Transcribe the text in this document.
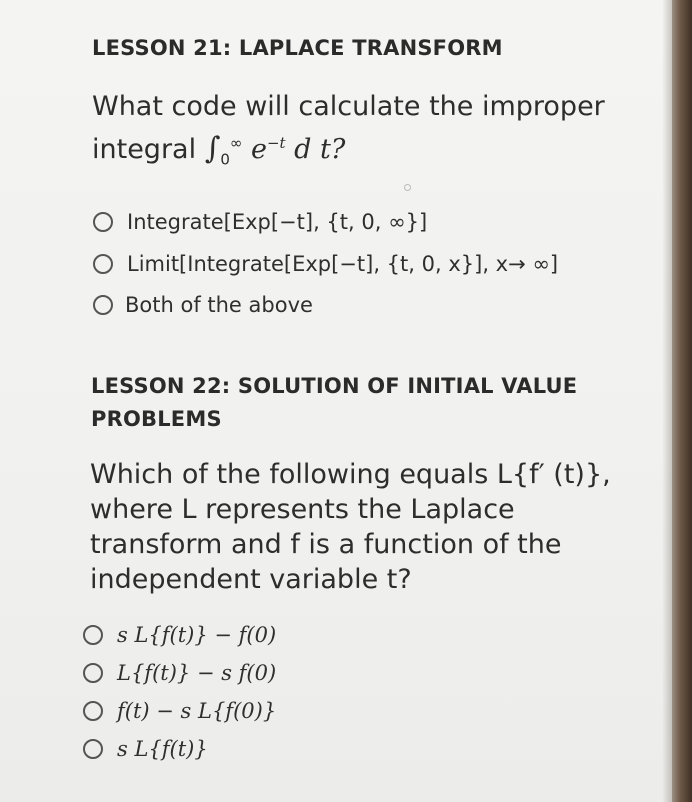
LESSON 21: LAPLACE TRANSFORM
What code will calculate the improper
integral $\int_0^\infty$ $e^{-t}$ d t?
Integrate[Exp[−t], {t, 0, ∞}]
Limit[Integrate[Exp[−t], {t, 0, x}], x→ ∞]
Both of the above
LESSON 22: SOLUTION OF INITIAL VALUE
PROBLEMS
Which of the following equals L{f′ (t)},
where L represents the Laplace
transform and f is a function of the
independent variable t?
s L{f(t)} − f(0)
L{f(t)} − s f(0)
f(t) − s L{f(0)}
s L{f(t)}
